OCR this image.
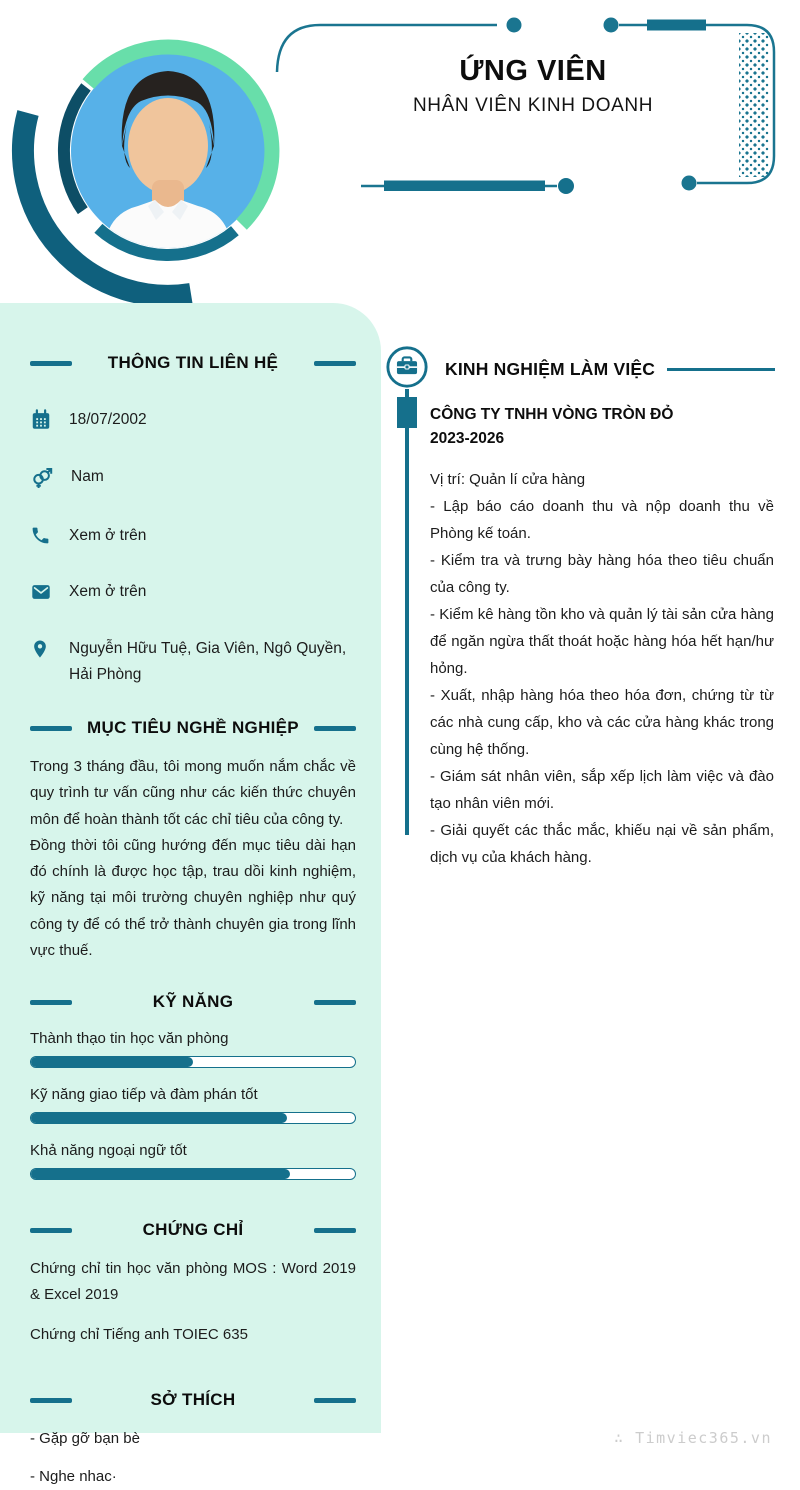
ỨNG VIÊN
NHÂN VIÊN KINH DOANH
THÔNG TIN LIÊN HỆ
18/07/2002
Nam
Xem ở trên
Xem ở trên
Nguyễn Hữu Tuệ, Gia Viên, Ngô Quyền, Hải Phòng
MỤC TIÊU NGHỀ NGHIỆP

Trong 3 tháng đầu, tôi mong muốn nắm chắc về quy trình tư vấn cũng như các kiến thức chuyên môn để hoàn thành tốt các chỉ tiêu của công ty.

Đồng thời tôi cũng hướng đến mục tiêu dài hạn đó chính là được học tập, trau dồi kinh nghiệm, kỹ năng tại môi trường chuyên nghiệp như quý công ty để có thể trở thành chuyên gia trong lĩnh vực thuế.

KỸ NĂNG
Thành thạo tin học văn phòng
Kỹ năng giao tiếp và đàm phán tốt
Khả năng ngoại ngữ tốt
CHỨNG CHỈ

Chứng chỉ tin học văn phòng MOS : Word 2019 & Excel 2019

Chứng chỉ Tiếng anh TOIEC 635

SỞ THÍCH

- Gặp gỡ bạn bè

- Nghe nhac·

KINH NGHIỆM LÀM VIỆC
CÔNG TY TNHH VÒNG TRÒN ĐỎ
2023-2026

Vị trí: Quản lí cửa hàng

- Lập báo cáo doanh thu và nộp doanh thu về Phòng kế toán.

- Kiểm tra và trưng bày hàng hóa theo tiêu chuẩn của công ty.

- Kiểm kê hàng tồn kho và quản lý tài sản cửa hàng để ngăn ngừa thất thoát hoặc hàng hóa hết hạn/hư hỏng.

- Xuất, nhập hàng hóa theo hóa đơn, chứng từ từ các nhà cung cấp, kho và các cửa hàng khác trong cùng hệ thống.

- Giám sát nhân viên, sắp xếp lịch làm việc và đào tạo nhân viên mới.

- Giải quyết các thắc mắc, khiếu nại về sản phẩm, dịch vụ của khách hàng.

∴ Timviec365.vn
